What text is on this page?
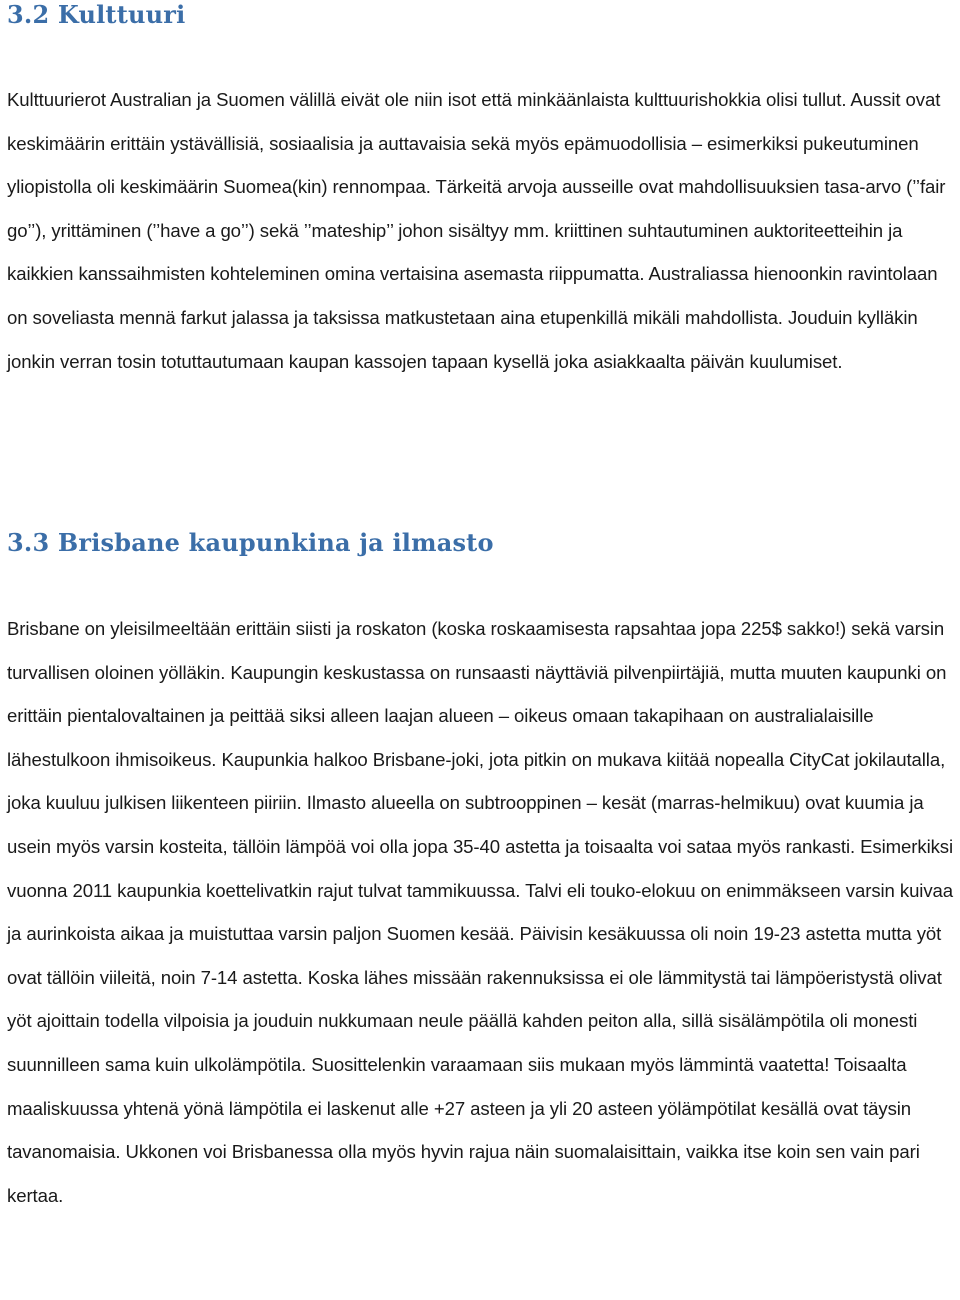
3.2 Kulttuuri

Kulttuurierot Australian ja Suomen välillä eivät ole niin isot että minkäänlaista kulttuurishokkia olisi tullut. Aussit ovat keskimäärin erittäin ystävällisiä, sosiaalisia ja auttavaisia sekä myös epämuodollisia – esimerkiksi pukeutuminen yliopistolla oli keskimäärin Suomea(kin) rennompaa. Tärkeitä arvoja ausseille ovat mahdollisuuksien tasa-arvo (’’fair go’’), yrittäminen (’’have a go’’) sekä ’’mateship’’ johon sisältyy mm. kriittinen suhtautuminen auktoriteetteihin ja kaikkien kanssaihmisten kohteleminen omina vertaisina asemasta riippumatta. Australiassa hienoonkin ravintolaan on soveliasta mennä farkut jalassa ja taksissa matkustetaan aina etupenkillä mikäli mahdollista. Jouduin kylläkin jonkin verran tosin totuttautumaan kaupan kassojen tapaan kysellä joka asiakkaalta päivän kuulumiset.

3.3 Brisbane kaupunkina ja ilmasto

Brisbane on yleisilmeeltään erittäin siisti ja roskaton (koska roskaamisesta rapsahtaa jopa 225$ sakko!) sekä varsin turvallisen oloinen yölläkin. Kaupungin keskustassa on runsaasti näyttäviä pilvenpiirtäjiä, mutta muuten kaupunki on erittäin pientalovaltainen ja peittää siksi alleen laajan alueen – oikeus omaan takapihaan on australialaisille lähestulkoon ihmisoikeus. Kaupunkia halkoo Brisbane-joki, jota pitkin on mukava kiitää nopealla CityCat jokilautalla, joka kuuluu julkisen liikenteen piiriin. Ilmasto alueella on subtrooppinen – kesät (marras-helmikuu) ovat kuumia ja usein myös varsin kosteita, tällöin lämpöä voi olla jopa 35-40 astetta ja toisaalta voi sataa myös rankasti. Esimerkiksi vuonna 2011 kaupunkia koettelivatkin rajut tulvat tammikuussa. Talvi eli touko-elokuu on enimmäkseen varsin kuivaa ja aurinkoista aikaa ja muistuttaa varsin paljon Suomen kesää. Päivisin kesäkuussa oli noin 19-23 astetta mutta yöt ovat tällöin viileitä, noin 7-14 astetta. Koska lähes missään rakennuksissa ei ole lämmitystä tai lämpöeristystä olivat yöt ajoittain todella vilpoisia ja jouduin nukkumaan neule päällä kahden peiton alla, sillä sisälämpötila oli monesti suunnilleen sama kuin ulkolämpötila. Suosittelenkin varaamaan siis mukaan myös lämmintä vaatetta! Toisaalta maaliskuussa yhtenä yönä lämpötila ei laskenut alle +27 asteen ja yli 20 asteen yölämpötilat kesällä ovat täysin tavanomaisia. Ukkonen voi Brisbanessa olla myös hyvin rajua näin suomalaisittain, vaikka itse koin sen vain pari kertaa.
